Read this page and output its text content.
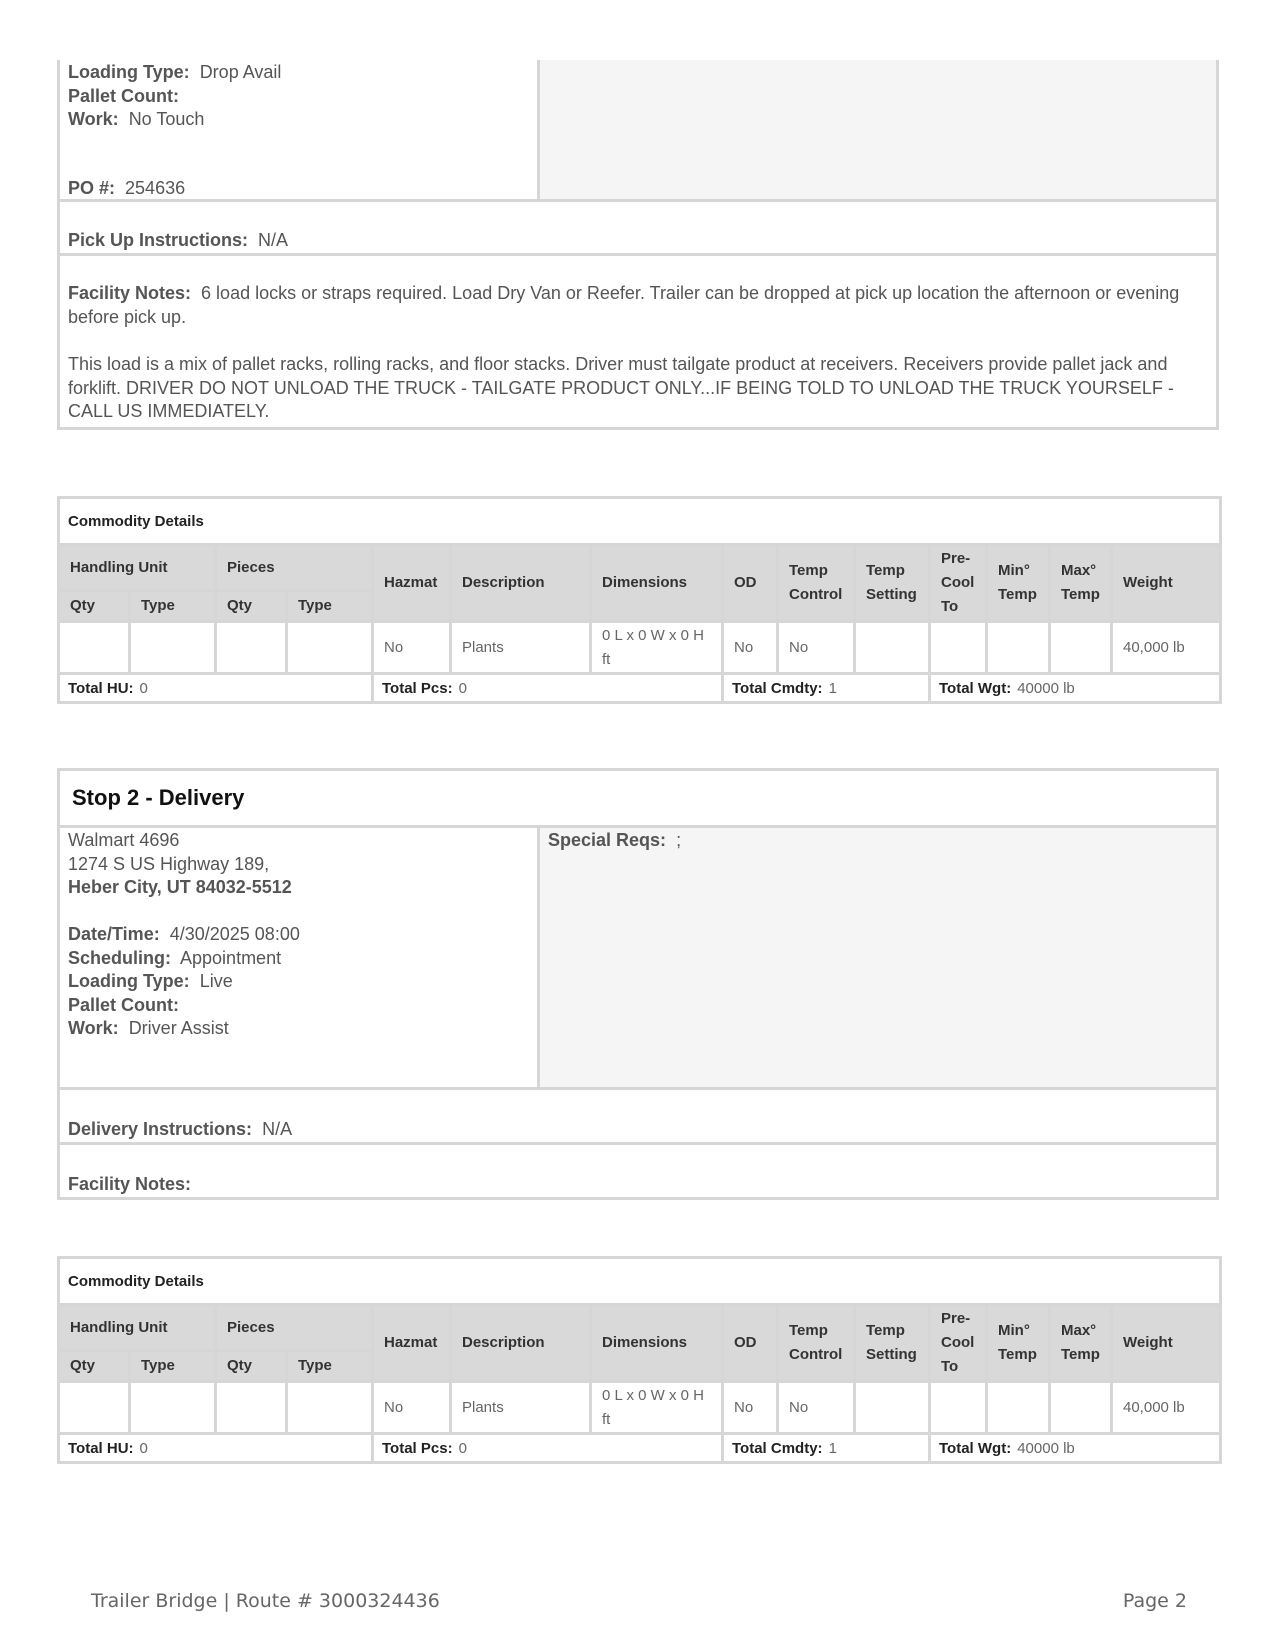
Loading Type: Drop Avail
Pallet Count:
Work: No Touch
PO #: 254636
Pick Up Instructions: N/A
Facility Notes: 6 load locks or straps required. Load Dry Van or Reefer. Trailer can be dropped at pick up location the afternoon or evening before pick up.
This load is a mix of pallet racks, rolling racks, and floor stacks. Driver must tailgate product at receivers. Receivers provide pallet jack and forklift. DRIVER DO NOT UNLOAD THE TRUCK - TAILGATE PRODUCT ONLY...IF BEING TOLD TO UNLOAD THE TRUCK YOURSELF - CALL US IMMEDIATELY.
Commodity Details													
Handling Unit		Pieces		Hazmat	Description	Dimensions	OD	Temp Control	Temp Setting	Pre-Cool To	Min° Temp	Max° Temp	Weight
Qty	Type	Qty	Type										
				No	Plants	0 L x 0 W x 0 H ft	No	No					40,000 lb
Total HU: 0				Total Pcs: 0			Total Cmdty: 1			Total Wgt: 40000 lb			
Stop 2 - Delivery
Walmart 4696
1274 S US Highway 189,
Heber City, UT 84032-5512
Date/Time: 4/30/2025 08:00
Scheduling: Appointment
Loading Type: Live
Pallet Count:
Work: Driver Assist
Special Reqs: ;
Delivery Instructions: N/A
Facility Notes:
Commodity Details													
Handling Unit		Pieces		Hazmat	Description	Dimensions	OD	Temp Control	Temp Setting	Pre-Cool To	Min° Temp	Max° Temp	Weight
Qty	Type	Qty	Type										
				No	Plants	0 L x 0 W x 0 H ft	No	No					40,000 lb
Total HU: 0				Total Pcs: 0			Total Cmdty: 1			Total Wgt: 40000 lb			
Trailer Bridge | Route # 3000324436	Page 2
